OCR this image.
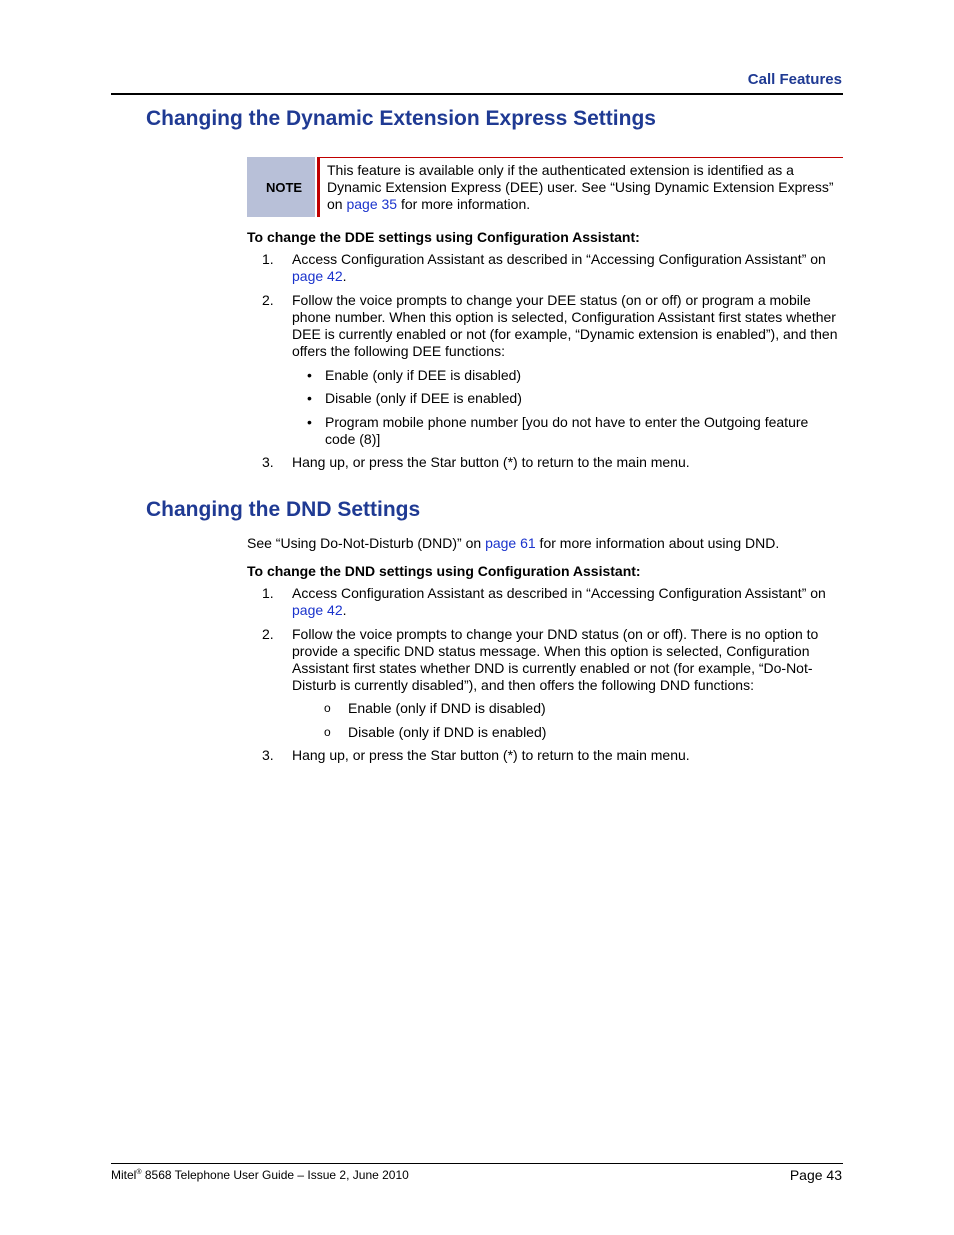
Call Features
Changing the Dynamic Extension Express Settings
NOTE
This feature is available only if the authenticated extension is identified as a Dynamic Extension Express (DEE) user. See “Using Dynamic Extension Express” on page 35 for more information.

To change the DDE settings using Configuration Assistant:

1. Access Configuration Assistant as described in “Accessing Configuration Assistant” on page 42.
2. Follow the voice prompts to change your DEE status (on or off) or program a mobile phone number. When this option is selected, Configuration Assistant first states whether DEE is currently enabled or not (for example, “Dynamic extension is enabled”), and then offers the following DEE functions:
• Enable (only if DEE is disabled)
• Disable (only if DEE is enabled)
• Program mobile phone number [you do not have to enter the Outgoing feature code (8)]
3. Hang up, or press the Star button (*) to return to the main menu.
Changing the DND Settings
See “Using Do-Not-Disturb (DND)” on page 61 for more information about using DND.

To change the DND settings using Configuration Assistant:

1. Access Configuration Assistant as described in “Accessing Configuration Assistant” on page 42.
2. Follow the voice prompts to change your DND status (on or off). There is no option to provide a specific DND status message. When this option is selected, Configuration Assistant first states whether DND is currently enabled or not (for example, “Do-Not-Disturb is currently disabled”), and then offers the following DND functions:
o Enable (only if DND is disabled)
o Disable (only if DND is enabled)
3. Hang up, or press the Star button (*) to return to the main menu.
Mitel® 8568 Telephone User Guide – Issue 2, June 2010	Page 43
